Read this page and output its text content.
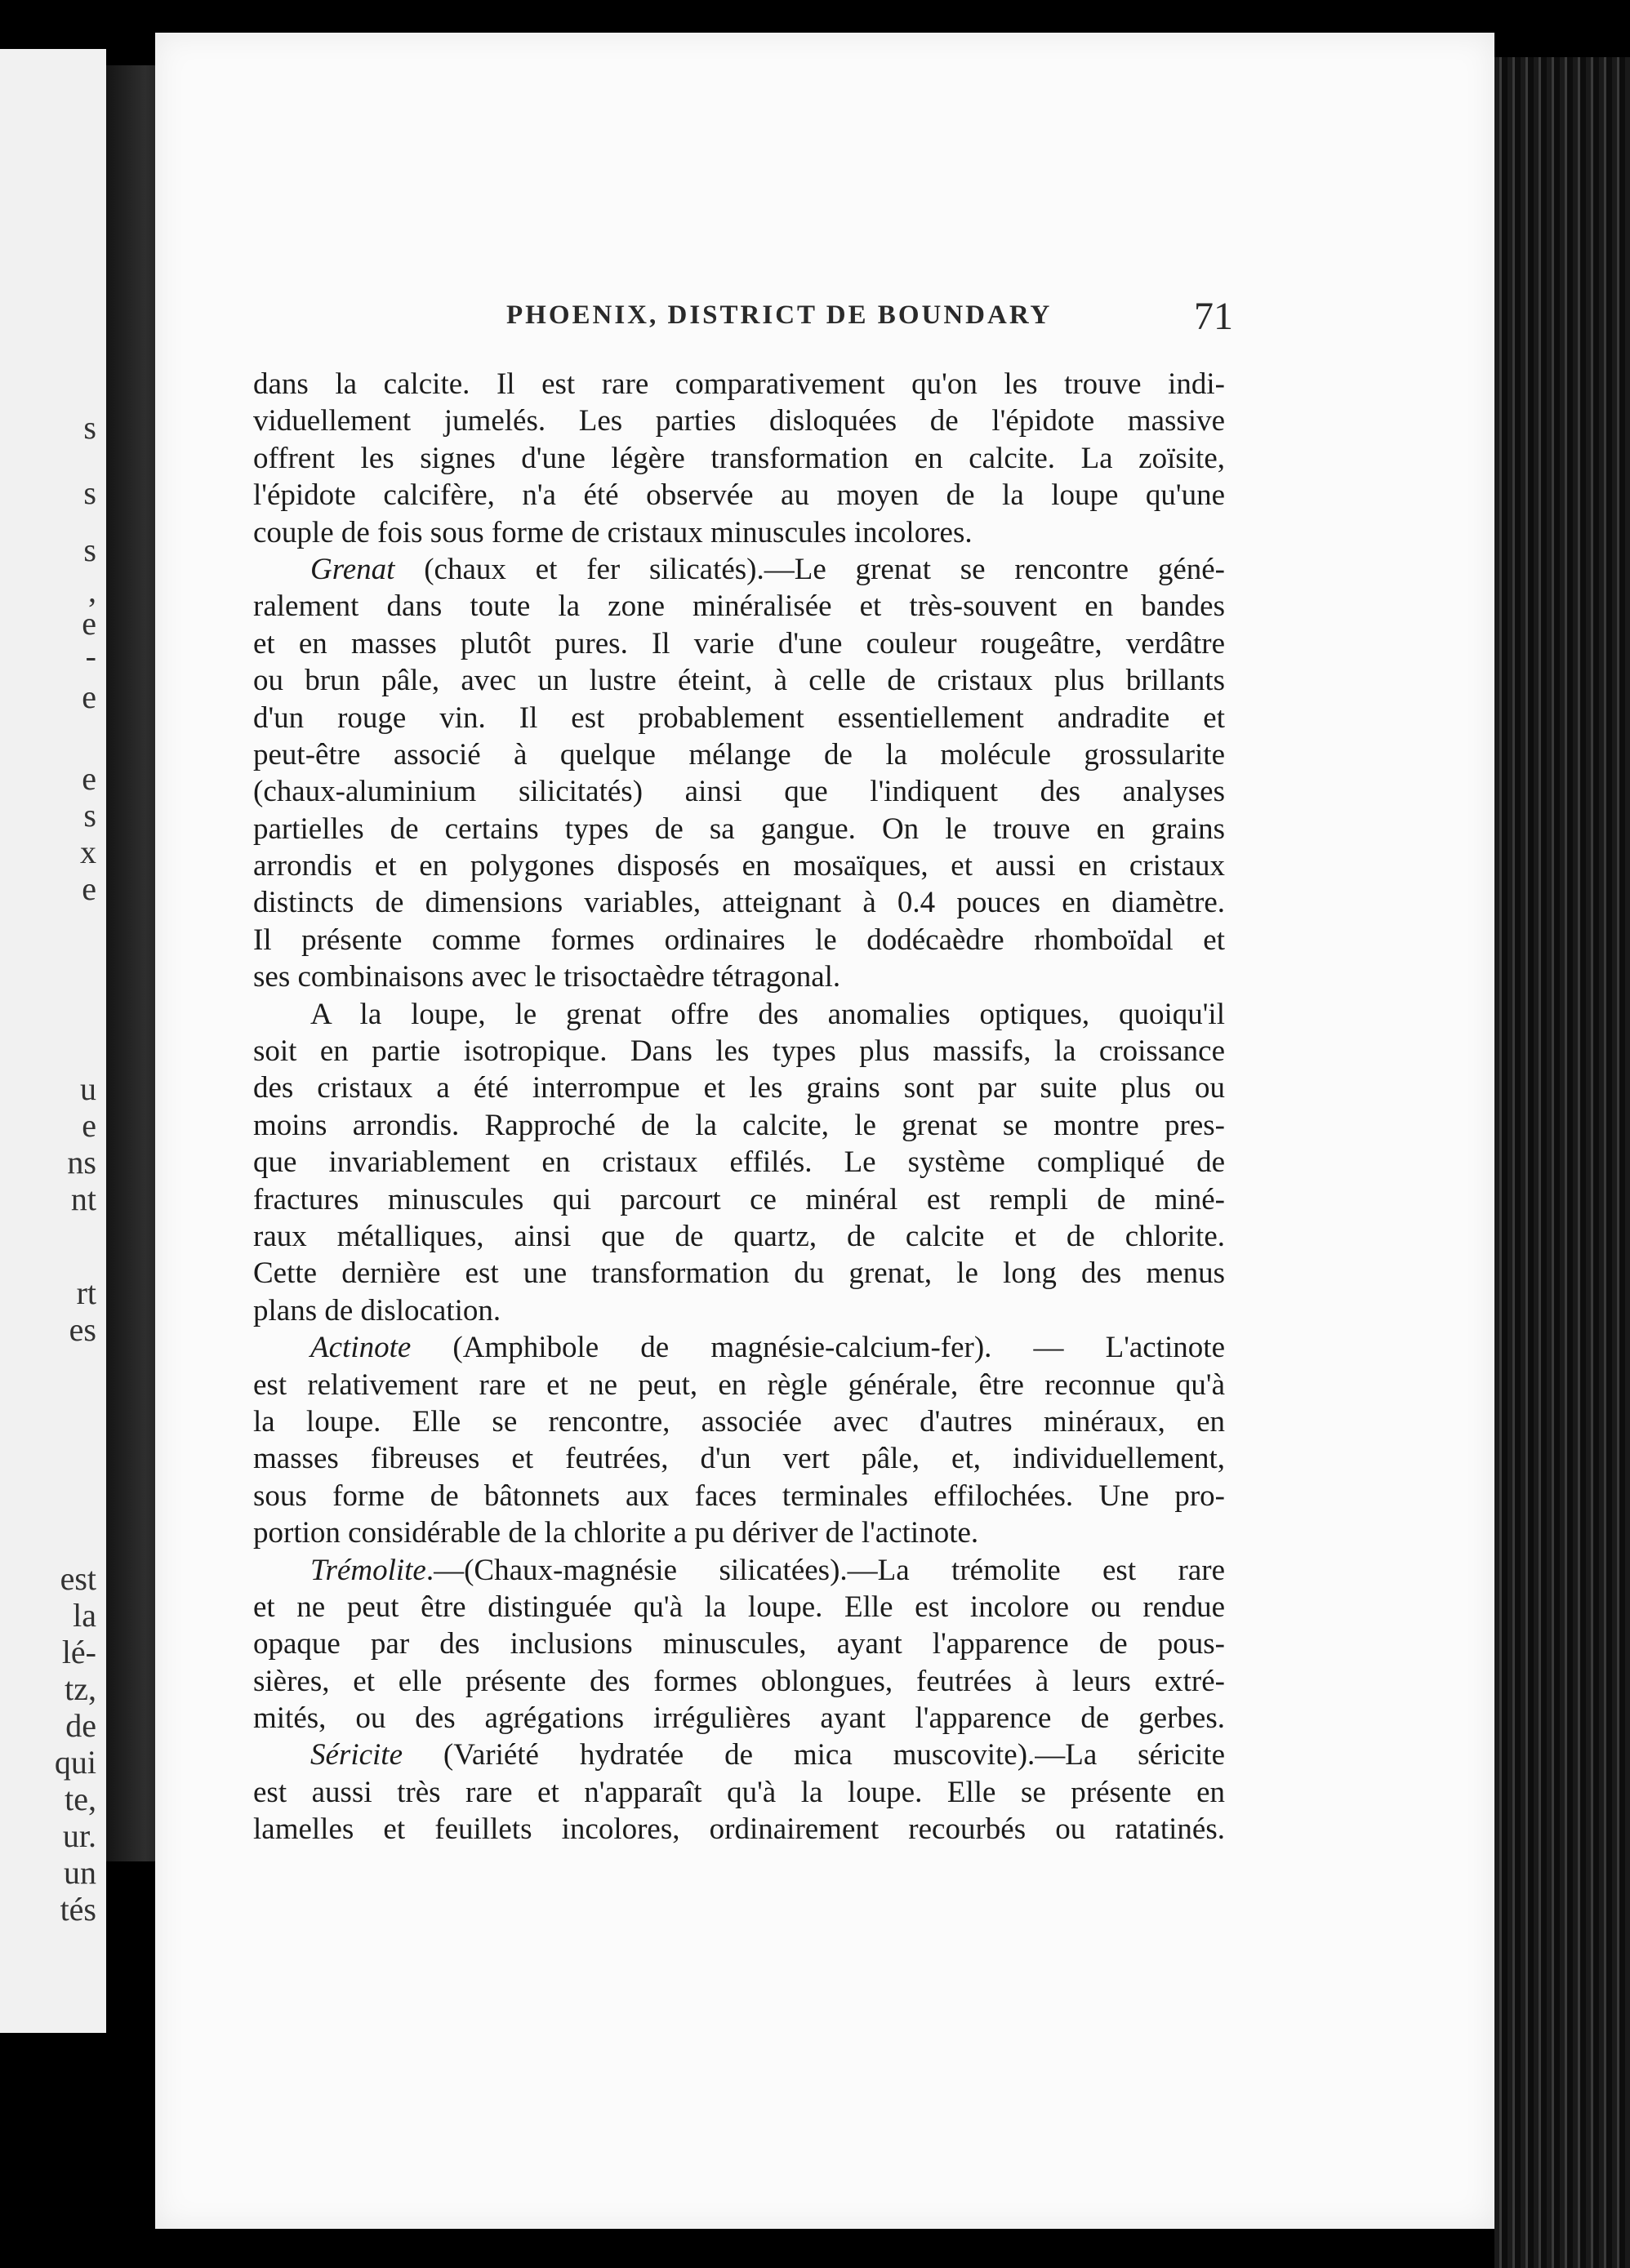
s
s
s
,
e
-
e
e
s
x
e
u
e
ns
nt
rt
es
est
la
lé-
tz,
de
qui
te,
ur.
un
tés
PHOENIX, DISTRICT DE BOUNDARY	71
dans la calcite. Il est rare comparativement qu'on les trouve indi-
viduellement jumelés. Les parties disloquées de l'épidote massive
offrent les signes d'une légère transformation en calcite. La zoïsite,
l'épidote calcifère, n'a été observée au moyen de la loupe qu'une
couple de fois sous forme de cristaux minuscules incolores.
Grenat (chaux et fer silicatés).—Le grenat se rencontre géné-
ralement dans toute la zone minéralisée et très-souvent en bandes
et en masses plutôt pures. Il varie d'une couleur rougeâtre, verdâtre
ou brun pâle, avec un lustre éteint, à celle de cristaux plus brillants
d'un rouge vin. Il est probablement essentiellement andradite et
peut-être associé à quelque mélange de la molécule grossularite
(chaux-aluminium silicitatés) ainsi que l'indiquent des analyses
partielles de certains types de sa gangue. On le trouve en grains
arrondis et en polygones disposés en mosaïques, et aussi en cristaux
distincts de dimensions variables, atteignant à 0.4 pouces en diamètre.
Il présente comme formes ordinaires le dodécaèdre rhomboïdal et
ses combinaisons avec le trisoctaèdre tétragonal.
A la loupe, le grenat offre des anomalies optiques, quoiqu'il
soit en partie isotropique. Dans les types plus massifs, la croissance
des cristaux a été interrompue et les grains sont par suite plus ou
moins arrondis. Rapproché de la calcite, le grenat se montre pres-
que invariablement en cristaux effilés. Le système compliqué de
fractures minuscules qui parcourt ce minéral est rempli de miné-
raux métalliques, ainsi que de quartz, de calcite et de chlorite.
Cette dernière est une transformation du grenat, le long des menus
plans de dislocation.
Actinote (Amphibole de magnésie-calcium-fer). — L'actinote
est relativement rare et ne peut, en règle générale, être reconnue qu'à
la loupe. Elle se rencontre, associée avec d'autres minéraux, en
masses fibreuses et feutrées, d'un vert pâle, et, individuellement,
sous forme de bâtonnets aux faces terminales effilochées. Une pro-
portion considérable de la chlorite a pu dériver de l'actinote.
Trémolite.—(Chaux-magnésie silicatées).—La trémolite est rare
et ne peut être distinguée qu'à la loupe. Elle est incolore ou rendue
opaque par des inclusions minuscules, ayant l'apparence de pous-
sières, et elle présente des formes oblongues, feutrées à leurs extré-
mités, ou des agrégations irrégulières ayant l'apparence de gerbes.
Séricite (Variété hydratée de mica muscovite).—La séricite
est aussi très rare et n'apparaît qu'à la loupe. Elle se présente en
lamelles et feuillets incolores, ordinairement recourbés ou ratatinés.
